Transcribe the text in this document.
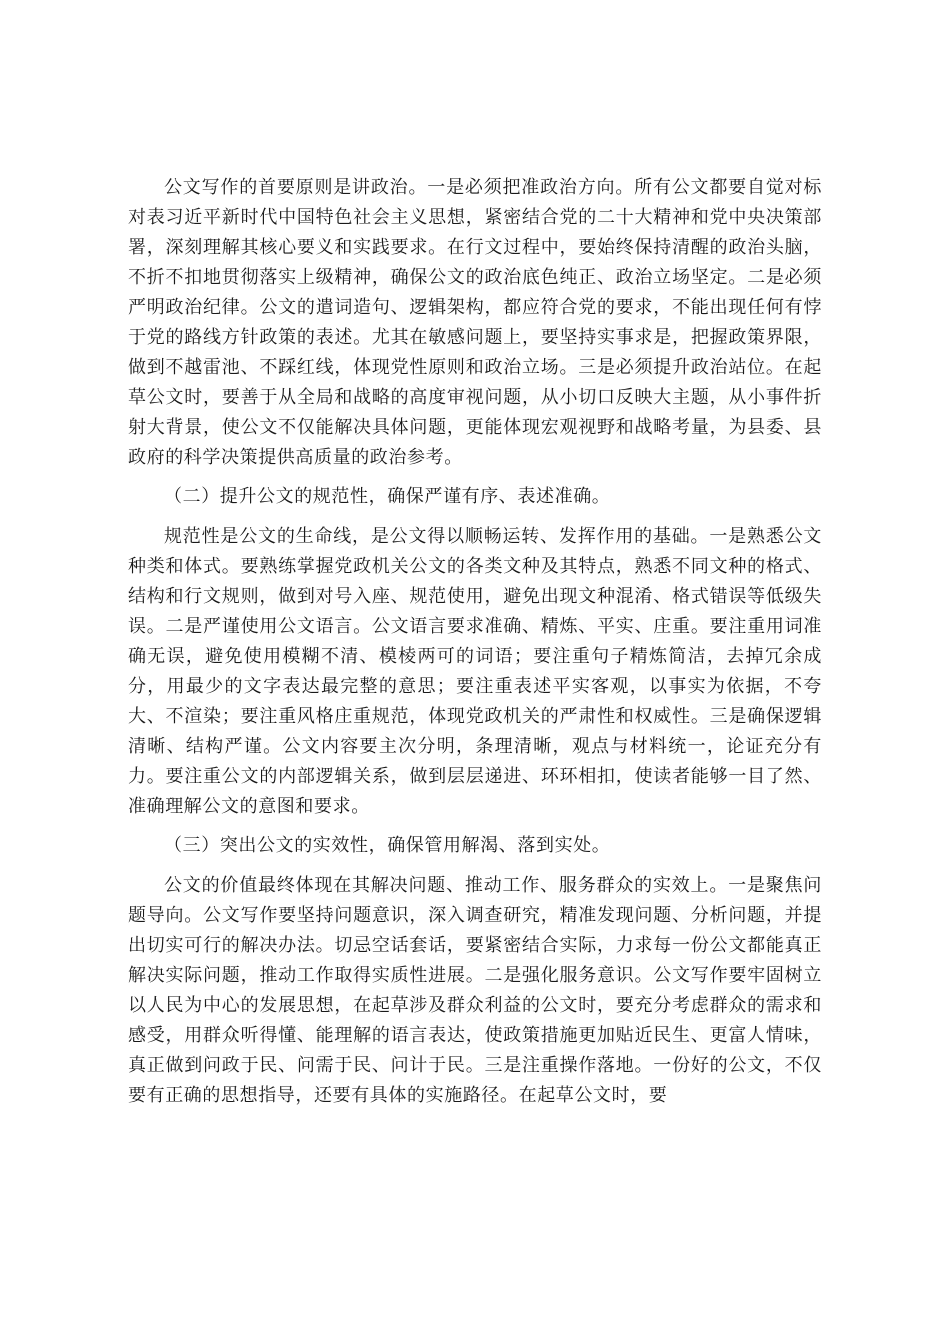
公文写作的首要原则是讲政治。一是必须把准政治方向。所有公文都要自觉对标对表习近平新时代中国特色社会主义思想，紧密结合党的二十大精神和党中央决策部署，深刻理解其核心要义和实践要求。在行文过程中，要始终保持清醒的政治头脑，不折不扣地贯彻落实上级精神，确保公文的政治底色纯正、政治立场坚定。二是必须严明政治纪律。公文的遣词造句、逻辑架构，都应符合党的要求，不能出现任何有悖于党的路线方针政策的表述。尤其在敏感问题上，要坚持实事求是，把握政策界限，做到不越雷池、不踩红线，体现党性原则和政治立场。三是必须提升政治站位。在起草公文时，要善于从全局和战略的高度审视问题，从小切口反映大主题，从小事件折射大背景，使公文不仅能解决具体问题，更能体现宏观视野和战略考量，为县委、县政府的科学决策提供高质量的政治参考。

（二）提升公文的规范性，确保严谨有序、表述准确。

规范性是公文的生命线，是公文得以顺畅运转、发挥作用的基础。一是熟悉公文种类和体式。要熟练掌握党政机关公文的各类文种及其特点，熟悉不同文种的格式、结构和行文规则，做到对号入座、规范使用，避免出现文种混淆、格式错误等低级失误。二是严谨使用公文语言。公文语言要求准确、精炼、平实、庄重。要注重用词准确无误，避免使用模糊不清、模棱两可的词语；要注重句子精炼简洁，去掉冗余成分，用最少的文字表达最完整的意思；要注重表述平实客观，以事实为依据，不夸大、不渲染；要注重风格庄重规范，体现党政机关的严肃性和权威性。三是确保逻辑清晰、结构严谨。公文内容要主次分明，条理清晰，观点与材料统一，论证充分有力。要注重公文的内部逻辑关系，做到层层递进、环环相扣，使读者能够一目了然、准确理解公文的意图和要求。

（三）突出公文的实效性，确保管用解渴、落到实处。

公文的价值最终体现在其解决问题、推动工作、服务群众的实效上。一是聚焦问题导向。公文写作要坚持问题意识，深入调查研究，精准发现问题、分析问题，并提出切实可行的解决办法。切忌空话套话，要紧密结合实际，力求每一份公文都能真正解决实际问题，推动工作取得实质性进展。二是强化服务意识。公文写作要牢固树立以人民为中心的发展思想，在起草涉及群众利益的公文时，要充分考虑群众的需求和感受，用群众听得懂、能理解的语言表达，使政策措施更加贴近民生、更富人情味，真正做到问政于民、问需于民、问计于民。三是注重操作落地。一份好的公文，不仅要有正确的思想指导，还要有具体的实施路径。在起草公文时，要
